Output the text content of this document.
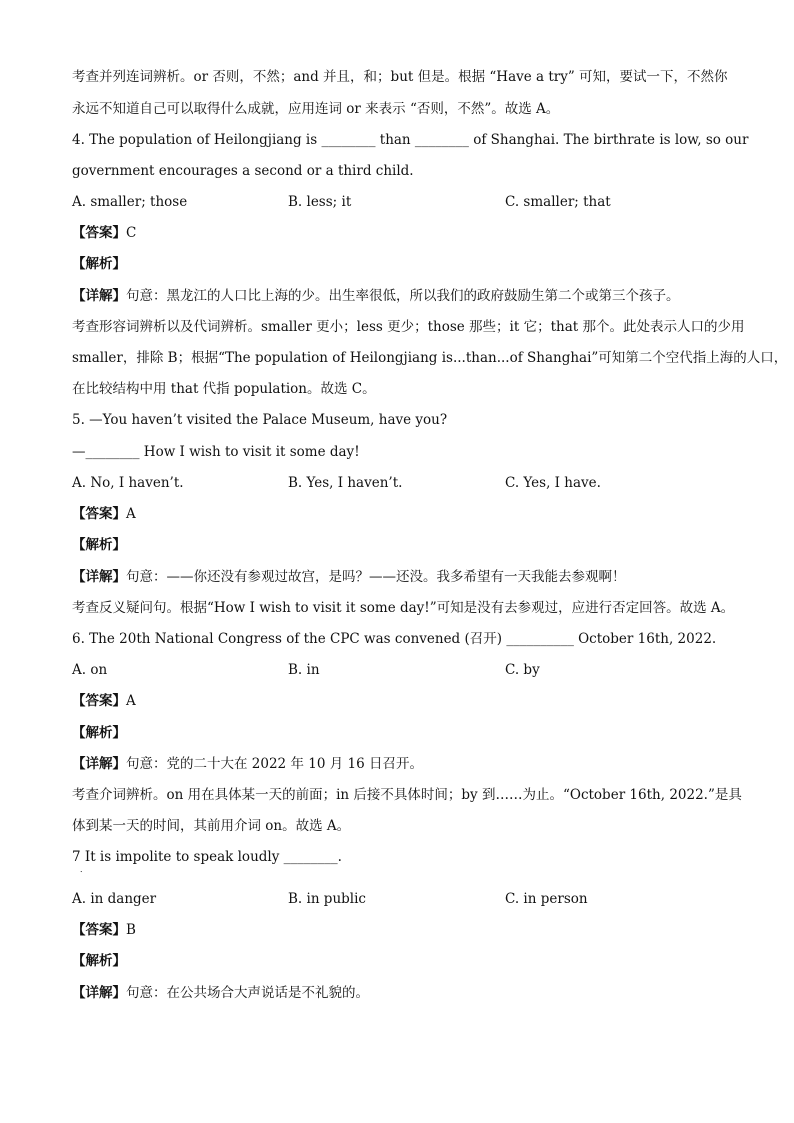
考查并列连词辨析。or 否则，不然；and 并且，和；but 但是。根据 “Have a try” 可知，要试一下，不然你
永远不知道自己可以取得什么成就，应用连词 or 来表示 “否则，不然”。故选 A。
4. The population of Heilongjiang is ________ than ________ of Shanghai. The birthrate is low, so our
government encourages a second or a third child.
A. smaller; those	B. less; it	C. smaller; that
【答案】C
【解析】
【详解】句意：黑龙江的人口比上海的少。出生率很低，所以我们的政府鼓励生第二个或第三个孩子。
考查形容词辨析以及代词辨析。smaller 更小；less 更少；those 那些；it 它；that 那个。此处表示人口的少用
smaller，排除 B；根据“The population of Heilongjiang is...than...of Shanghai”可知第二个空代指上海的人口，
在比较结构中用 that 代指 population。故选 C。
5. —You haven’t visited the Palace Museum, have you?
—________ How I wish to visit it some day!
A. No, I haven’t.	B. Yes, I haven’t.	C. Yes, I have.
【答案】A
【解析】
【详解】句意：——你还没有参观过故宫，是吗？——还没。我多希望有一天我能去参观啊！
考查反义疑问句。根据“How I wish to visit it some day!”可知是没有去参观过，应进行否定回答。故选 A。
6. The 20th National Congress of the CPC was convened (召开) __________ October 16th, 2022.
A. on	B. in	C. by
【答案】A
【解析】
【详解】句意：党的二十大在 2022 年 10 月 16 日召开。
考查介词辨析。on 用在具体某一天的前面；in 后接不具体时间；by 到……为止。“October 16th, 2022.”是具
体到某一天的时间，其前用介词 on。故选 A。
7 It is impolite to speak loudly ________.
．
A. in danger	B. in public	C. in person
【答案】B
【解析】
【详解】句意：在公共场合大声说话是不礼貌的。
